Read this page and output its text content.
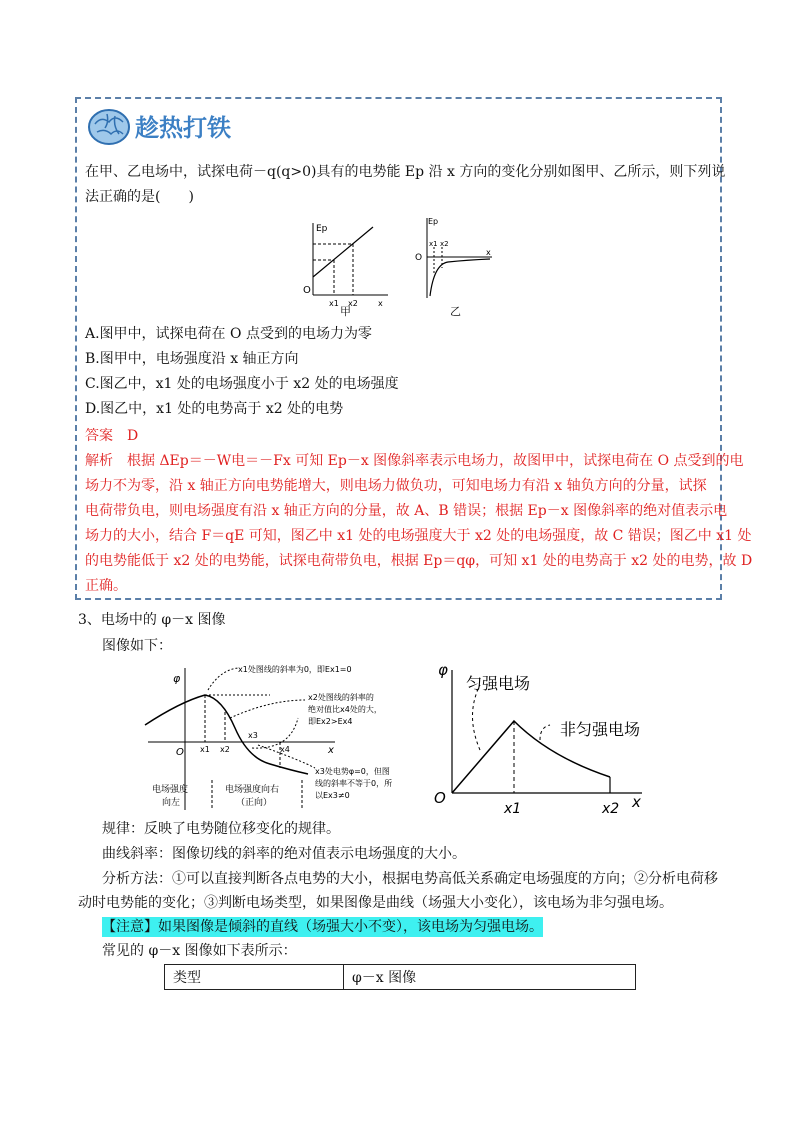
趁热打铁
在甲、乙电场中，试探电荷－q(q>0)具有的电势能 Ep 沿 x 方向的变化分别如图甲、乙所示，则下列说
法正确的是(　　)
Ep
O
x1 x2	x
甲
Ep
O
x1 x2
x
乙
A.图甲中，试探电荷在 O 点受到的电场力为零
B.图甲中，电场强度沿 x 轴正方向
C.图乙中，x1 处的电场强度小于 x2 处的电场强度
D.图乙中，x1 处的电势高于 x2 处的电势
答案　D
解析　根据 ΔEp＝－W电＝－Fx 可知 Ep－x 图像斜率表示电场力，故图甲中，试探电荷在 O 点受到的电
场力不为零，沿 x 轴正方向电势能增大，则电场力做负功，可知电场力有沿 x 轴负方向的分量，试探
电荷带负电，则电场强度有沿 x 轴正方向的分量，故 A、B 错误；根据 Ep－x 图像斜率的绝对值表示电
场力的大小，结合 F＝qE 可知，图乙中 x1 处的电场强度大于 x2 处的电场强度，故 C 错误；图乙中 x1 处
的电势能低于 x2 处的电势能，试探电荷带负电，根据 Ep＝qφ，可知 x1 处的电势高于 x2 处的电势，故 D
正确。
3、电场中的 φ－x 图像
图像如下：
φ
O	x
x1 x2
x3
x4
x1处图线的斜率为0，即Ex1=0
x2处图线的斜率的
绝对值比x4处的大，
即Ex2>Ex4
x3处电势φ=0，但图
线的斜率不等于0，所
以Ex3≠0
电场强度
向左
电场强度向右
（正向）
φ
O	x
x1	x2
匀强电场
非匀强电场
规律：反映了电势随位移变化的规律。
曲线斜率：图像切线的斜率的绝对值表示电场强度的大小。
分析方法：①可以直接判断各点电势的大小，根据电势高低关系确定电场强度的方向；②分析电荷移
动时电势能的变化；③判断电场类型，如果图像是曲线（场强大小变化），该电场为非匀强电场。
【注意】如果图像是倾斜的直线（场强大小不变），该电场为匀强电场。
常见的 φ－x 图像如下表所示：
类型	φ－x 图像
